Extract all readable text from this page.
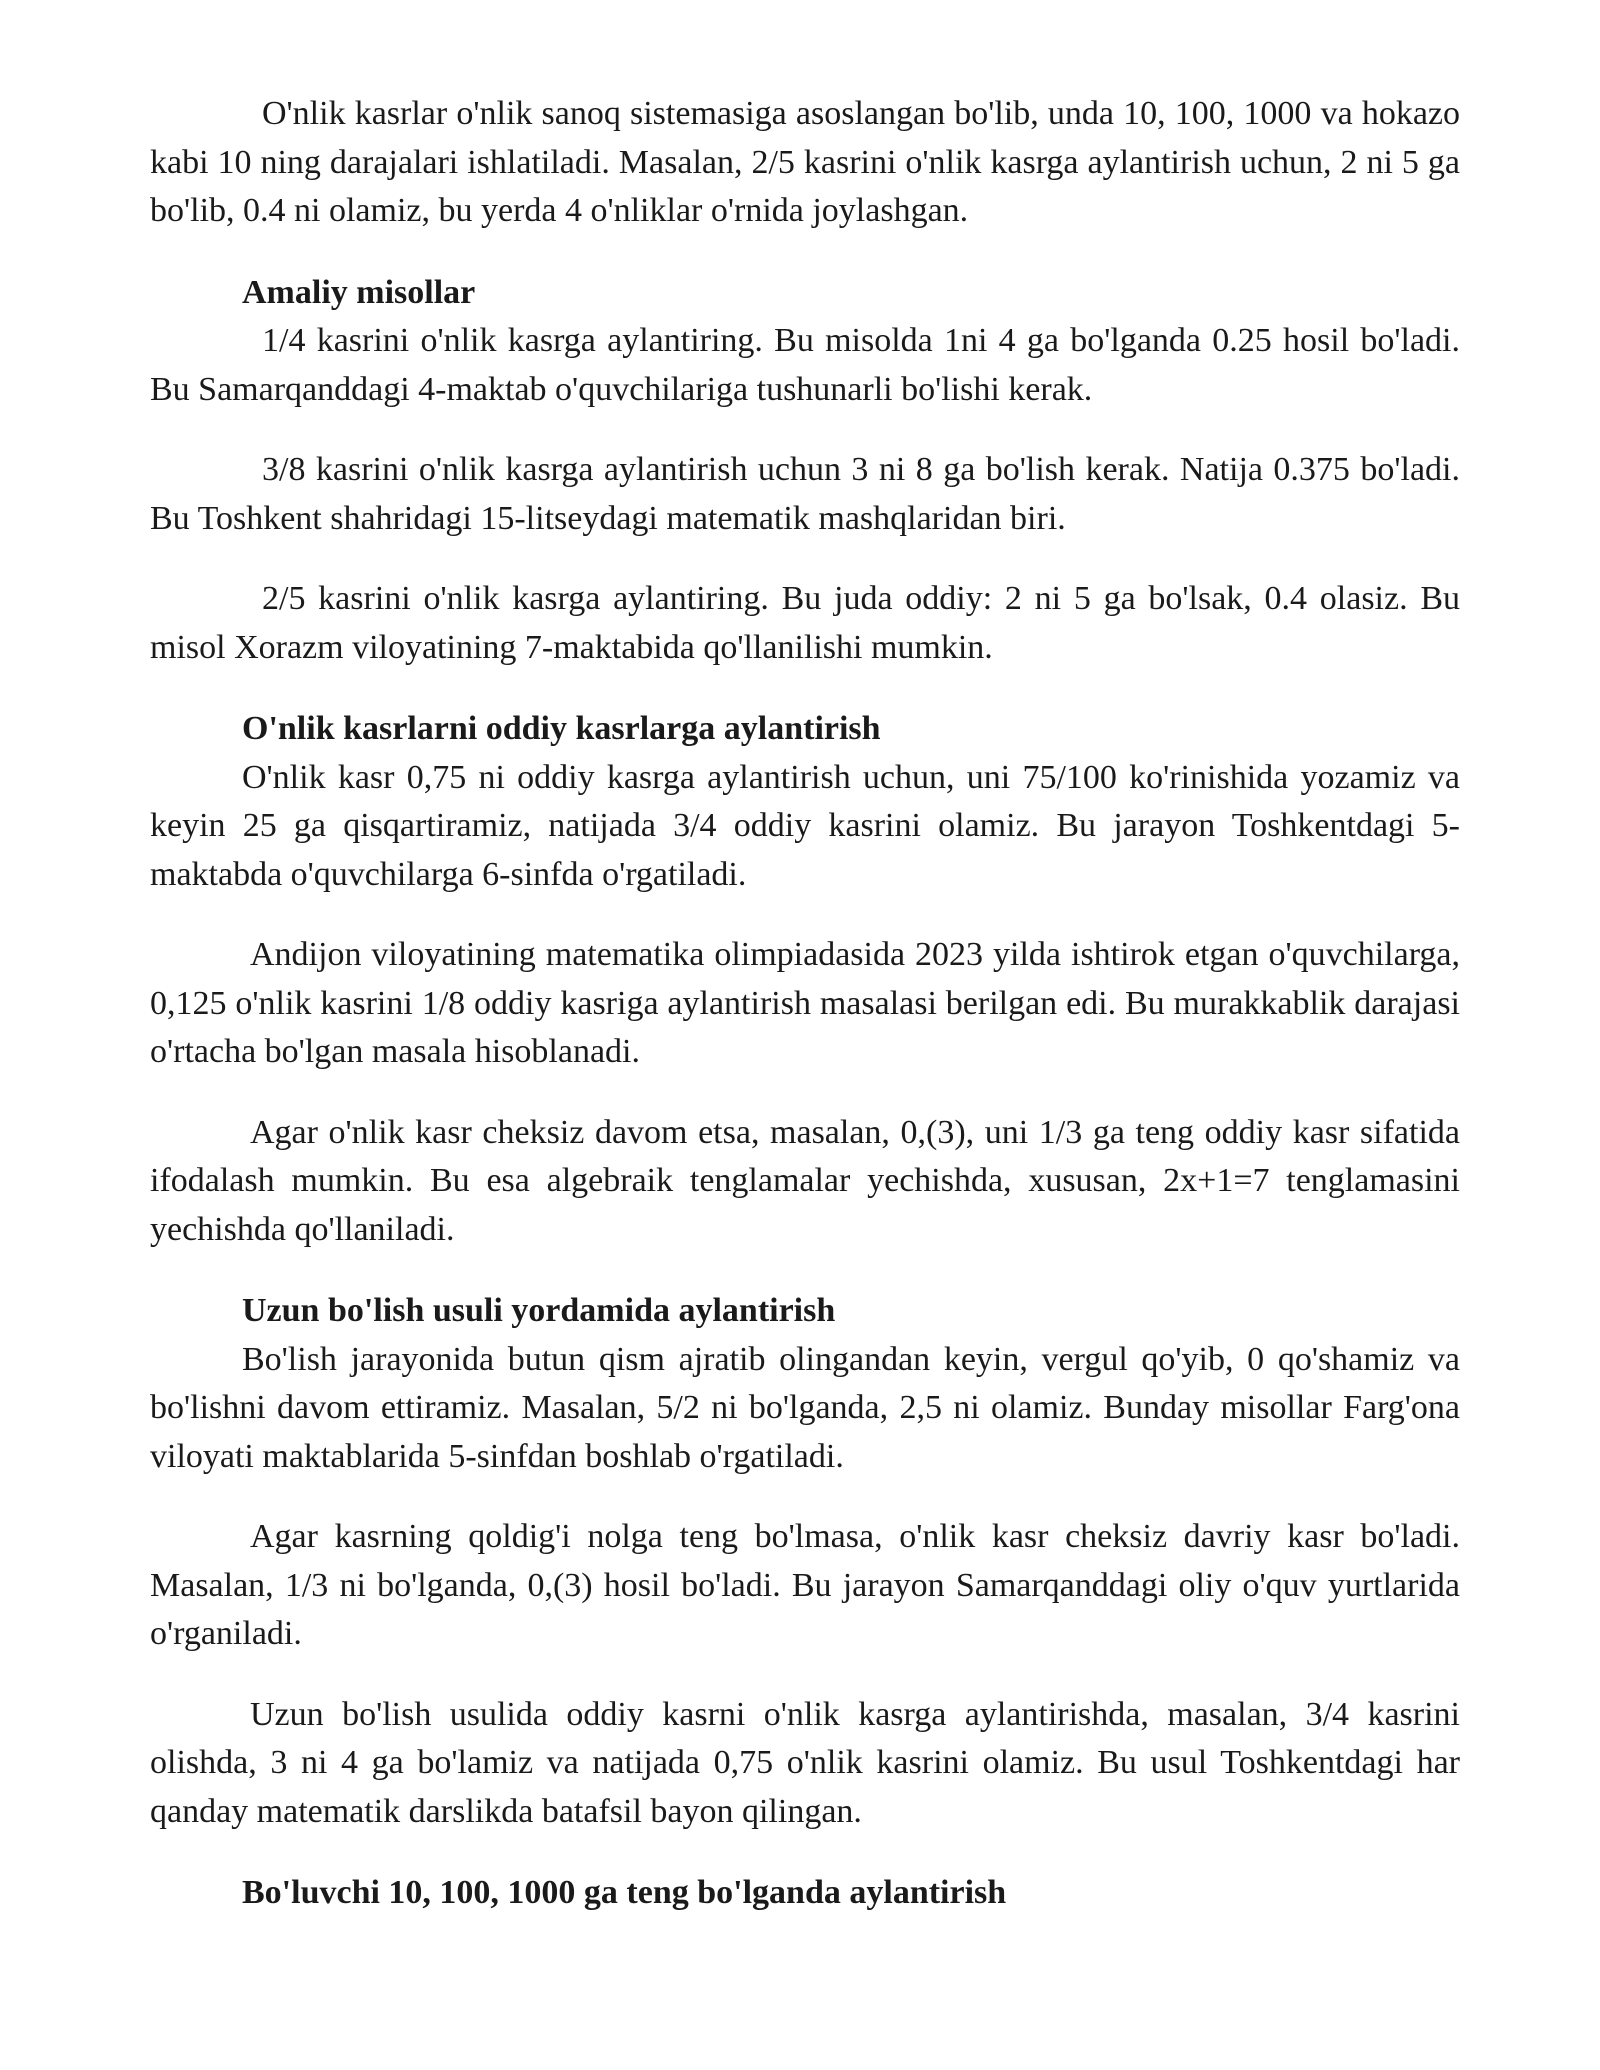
O'nlik kasrlar o'nlik sanoq sistemasiga asoslangan bo'lib, unda 10, 100, 1000 va hokazo kabi 10 ning darajalari ishlatiladi. Masalan, 2/5 kasrini o'nlik kasrga aylantirish uchun, 2 ni 5 ga bo'lib, 0.4 ni olamiz, bu yerda 4 o'nliklar o'rnida joylashgan.

Amaliy misollar

1/4 kasrini o'nlik kasrga aylantiring. Bu misolda 1ni 4 ga bo'lganda 0.25 hosil bo'ladi. Bu Samarqanddagi 4-maktab o'quvchilariga tushunarli bo'lishi kerak.

3/8 kasrini o'nlik kasrga aylantirish uchun 3 ni 8 ga bo'lish kerak. Natija 0.375 bo'ladi. Bu Toshkent shahridagi 15-litseydagi matematik mashqlaridan biri.

2/5 kasrini o'nlik kasrga aylantiring. Bu juda oddiy: 2 ni 5 ga bo'lsak, 0.4 olasiz. Bu misol Xorazm viloyatining 7-maktabida qo'llanilishi mumkin.

O'nlik kasrlarni oddiy kasrlarga aylantirish

O'nlik kasr 0,75 ni oddiy kasrga aylantirish uchun, uni 75/100 ko'rinishida yozamiz va keyin 25 ga qisqartiramiz, natijada 3/4 oddiy kasrini olamiz. Bu jarayon Toshkentdagi 5-maktabda o'quvchilarga 6-sinfda o'rgatiladi.

Andijon viloyatining matematika olimpiadasida 2023 yilda ishtirok etgan o'quvchilarga, 0,125 o'nlik kasrini 1/8 oddiy kasriga aylantirish masalasi berilgan edi. Bu murakkablik darajasi o'rtacha bo'lgan masala hisoblanadi.

Agar o'nlik kasr cheksiz davom etsa, masalan, 0,(3), uni 1/3 ga teng oddiy kasr sifatida ifodalash mumkin. Bu esa algebraik tenglamalar yechishda, xususan, 2x+1=7 tenglamasini yechishda qo'llaniladi.

Uzun bo'lish usuli yordamida aylantirish

Bo'lish jarayonida butun qism ajratib olingandan keyin, vergul qo'yib, 0 qo'shamiz va bo'lishni davom ettiramiz. Masalan, 5/2 ni bo'lganda, 2,5 ni olamiz. Bunday misollar Farg'ona viloyati maktablarida 5-sinfdan boshlab o'rgatiladi.

Agar kasrning qoldig'i nolga teng bo'lmasa, o'nlik kasr cheksiz davriy kasr bo'ladi. Masalan, 1/3 ni bo'lganda, 0,(3) hosil bo'ladi. Bu jarayon Samarqanddagi oliy o'quv yurtlarida o'rganiladi.

Uzun bo'lish usulida oddiy kasrni o'nlik kasrga aylantirishda, masalan, 3/4 kasrini olishda, 3 ni 4 ga bo'lamiz va natijada 0,75 o'nlik kasrini olamiz. Bu usul Toshkentdagi har qanday matematik darslikda batafsil bayon qilingan.

Bo'luvchi 10, 100, 1000 ga teng bo'lganda aylantirish
